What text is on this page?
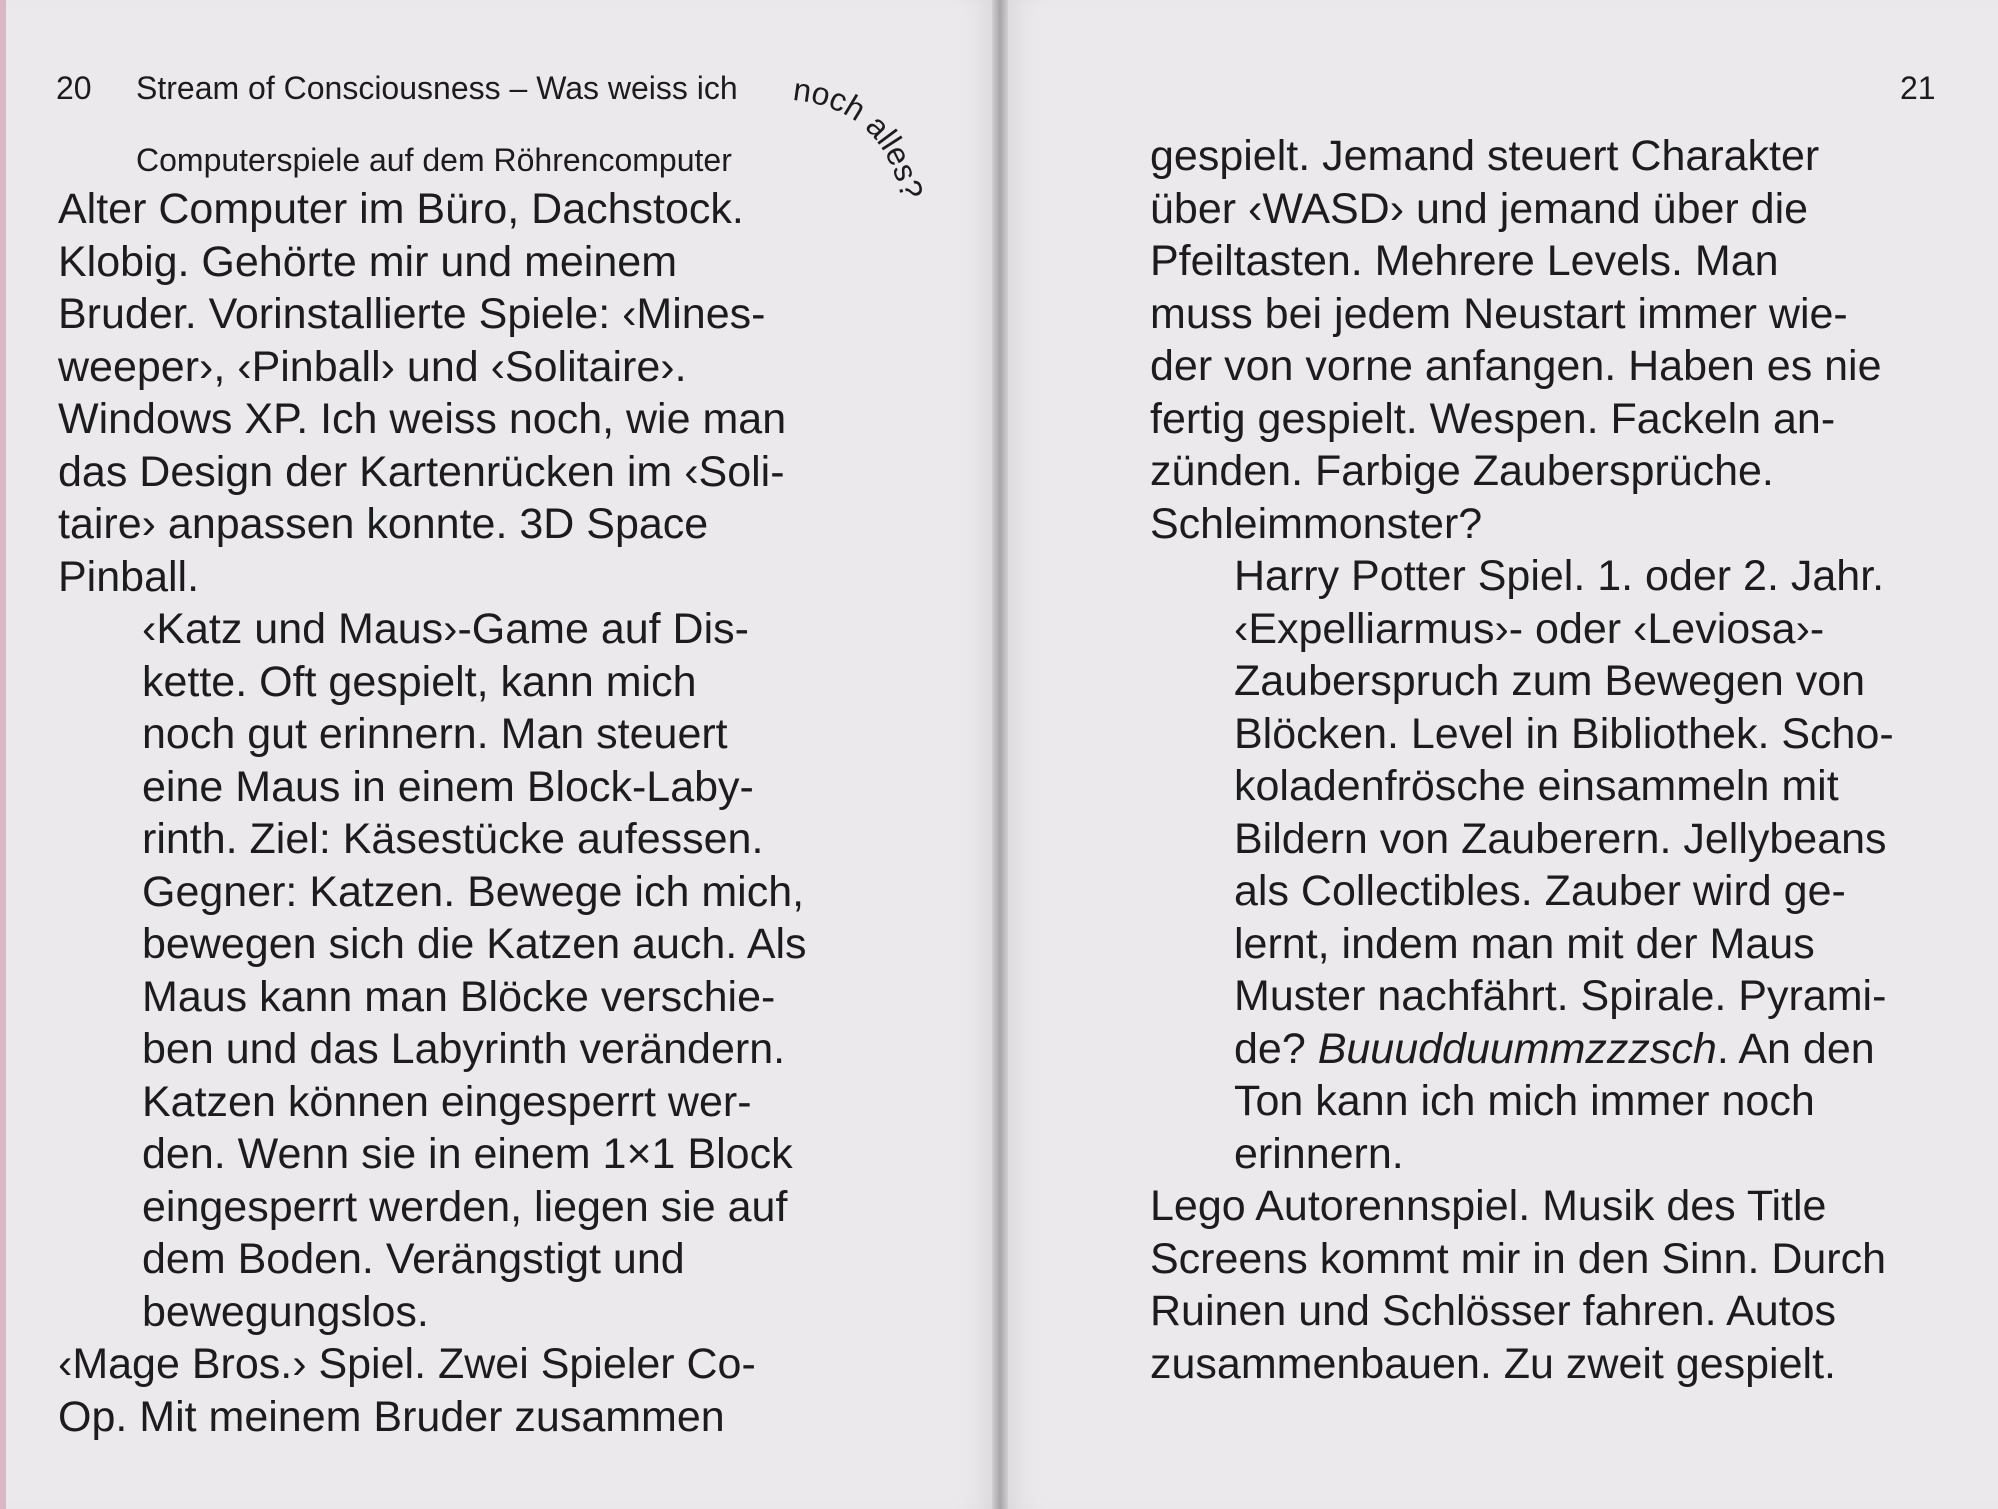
20 Stream of Consciousness – Was weiss ich
Computerspiele auf dem Röhrencomputer

Alter Computer im Büro, Dachstock.
Klobig. Gehörte mir und meinem
Bruder. Vorinstallierte Spiele: ‹Mines-
weeper›, ‹Pinball› und ‹Solitaire›.
Windows XP. Ich weiss noch, wie man
das Design der Kartenrücken im ‹Soli-
taire› anpassen konnte. 3D Space
Pinball.

‹Katz und Maus›-Game auf Dis-
kette. Oft gespielt, kann mich
noch gut erinnern. Man steuert
eine Maus in einem Block-Laby-
rinth. Ziel: Käsestücke aufessen.
Gegner: Katzen. Bewege ich mich,
bewegen sich die Katzen auch. Als
Maus kann man Blöcke verschie-
ben und das Labyrinth verändern.
Katzen können eingesperrt wer-
den. Wenn sie in einem 1×1 Block
eingesperrt werden, liegen sie auf
dem Boden. Verängstigt und
bewegungslos.

‹Mage Bros.› Spiel. Zwei Spieler Co-
Op. Mit meinem Bruder zusammen

noch alles?
21

gespielt. Jemand steuert Charakter
über ‹WASD› und jemand über die
Pfeiltasten. Mehrere Levels. Man
muss bei jedem Neustart immer wie-
der von vorne anfangen. Haben es nie
fertig gespielt. Wespen. Fackeln an-
zünden. Farbige Zaubersprüche.
Schleimmonster?

Harry Potter Spiel. 1. oder 2. Jahr.
‹Expelliarmus›- oder ‹Leviosa›-
Zauberspruch zum Bewegen von
Blöcken. Level in Bibliothek. Scho-
koladenfrösche einsammeln mit
Bildern von Zauberern. Jellybeans
als Collectibles. Zauber wird ge-
lernt, indem man mit der Maus
Muster nachfährt. Spirale. Pyrami-
de? Buuudduummzzzsch. An den
Ton kann ich mich immer noch
erinnern.

Lego Autorennspiel. Musik des Title
Screens kommt mir in den Sinn. Durch
Ruinen und Schlösser fahren. Autos
zusammenbauen. Zu zweit gespielt.
